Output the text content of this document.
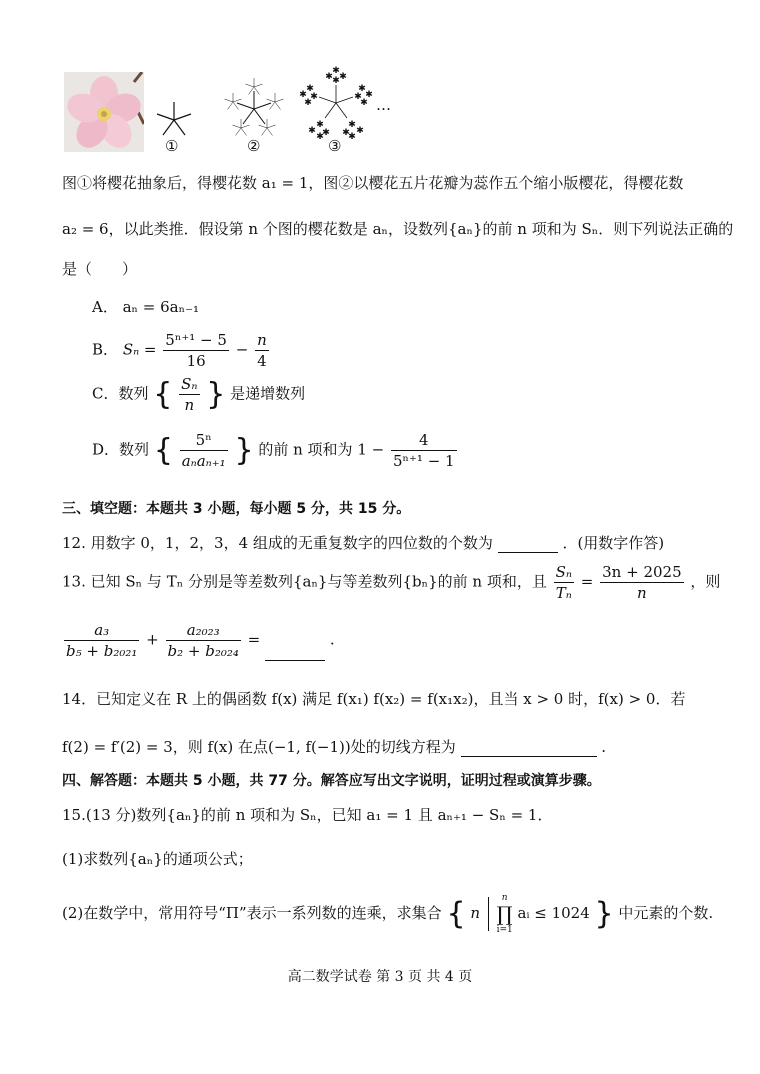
①	②
✱
✱ ✱
✱
✱
✱
✱
✱
✱
✱
✱
✱
✱
✱ ✱
✱
✱
✱ ✱
✱
③
…
图①将樱花抽象后，得樱花数 a₁ = 1，图②以樱花五片花瓣为蕊作五个缩小版樱花，得樱花数
a₂ = 6，以此类推．假设第 n 个图的樱花数是 aₙ，设数列{aₙ}的前 n 项和为 Sₙ．则下列说法正确的
是（　　）
A． aₙ = 6aₙ₋₁
B． $S_n = \frac{\text{5ⁿ⁺¹ − 5}}{16} - \frac{n}{4}$
C．数列 { $\frac{\text{Sₙ}}{n}$ } 是递增数列
D．数列 { $\frac{\text{5ⁿ}}{\text{aₙaₙ₊₁}}$ } 的前 n 项和为 $1 - \frac{4}{\text{5ⁿ⁺¹ − 1}}$
三、填空题：本题共 3 小题，每小题 5 分，共 15 分。
12. 用数字 0，1，2，3，4 组成的无重复数字的四位数的个数为	．(用数字作答)
13. 已知 Sₙ 与 Tₙ 分别是等差数列{aₙ}与等差数列{bₙ}的前 n 项和，且 $\frac{\text{Sₙ}}{\text{Tₙ}} = \frac{3n + 2025}{n}$ ，则
$\frac{\text{a₃}}{\text{b₅ + b₂₀₂₁}} + \frac{\text{a₂₀₂₃}}{\text{b₂ + b₂₀₂₄}}$ =	.
14．已知定义在 R 上的偶函数 f(x) 满足 f(x₁) f(x₂) = f(x₁x₂)，且当 x > 0 时，f(x) > 0．若
f(2) = f′(2) = 3，则 f(x) 在点(−1, f(−1))处的切线方程为	.
四、解答题：本题共 5 小题，共 77 分。解答应写出文字说明，证明过程或演算步骤。
15.(13 分)数列{aₙ}的前 n 项和为 Sₙ，已知 a₁ = 1 且 aₙ₊₁ − Sₙ = 1．
(1)求数列{aₙ}的通项公式；
(2)在数学中，常用符号“Π”表示一系列数的连乘，求集合 { n
n
∏
i=1
aᵢ ≤ 1024 } 中元素的个数.
高二数学试卷 第 3 页 共 4 页
